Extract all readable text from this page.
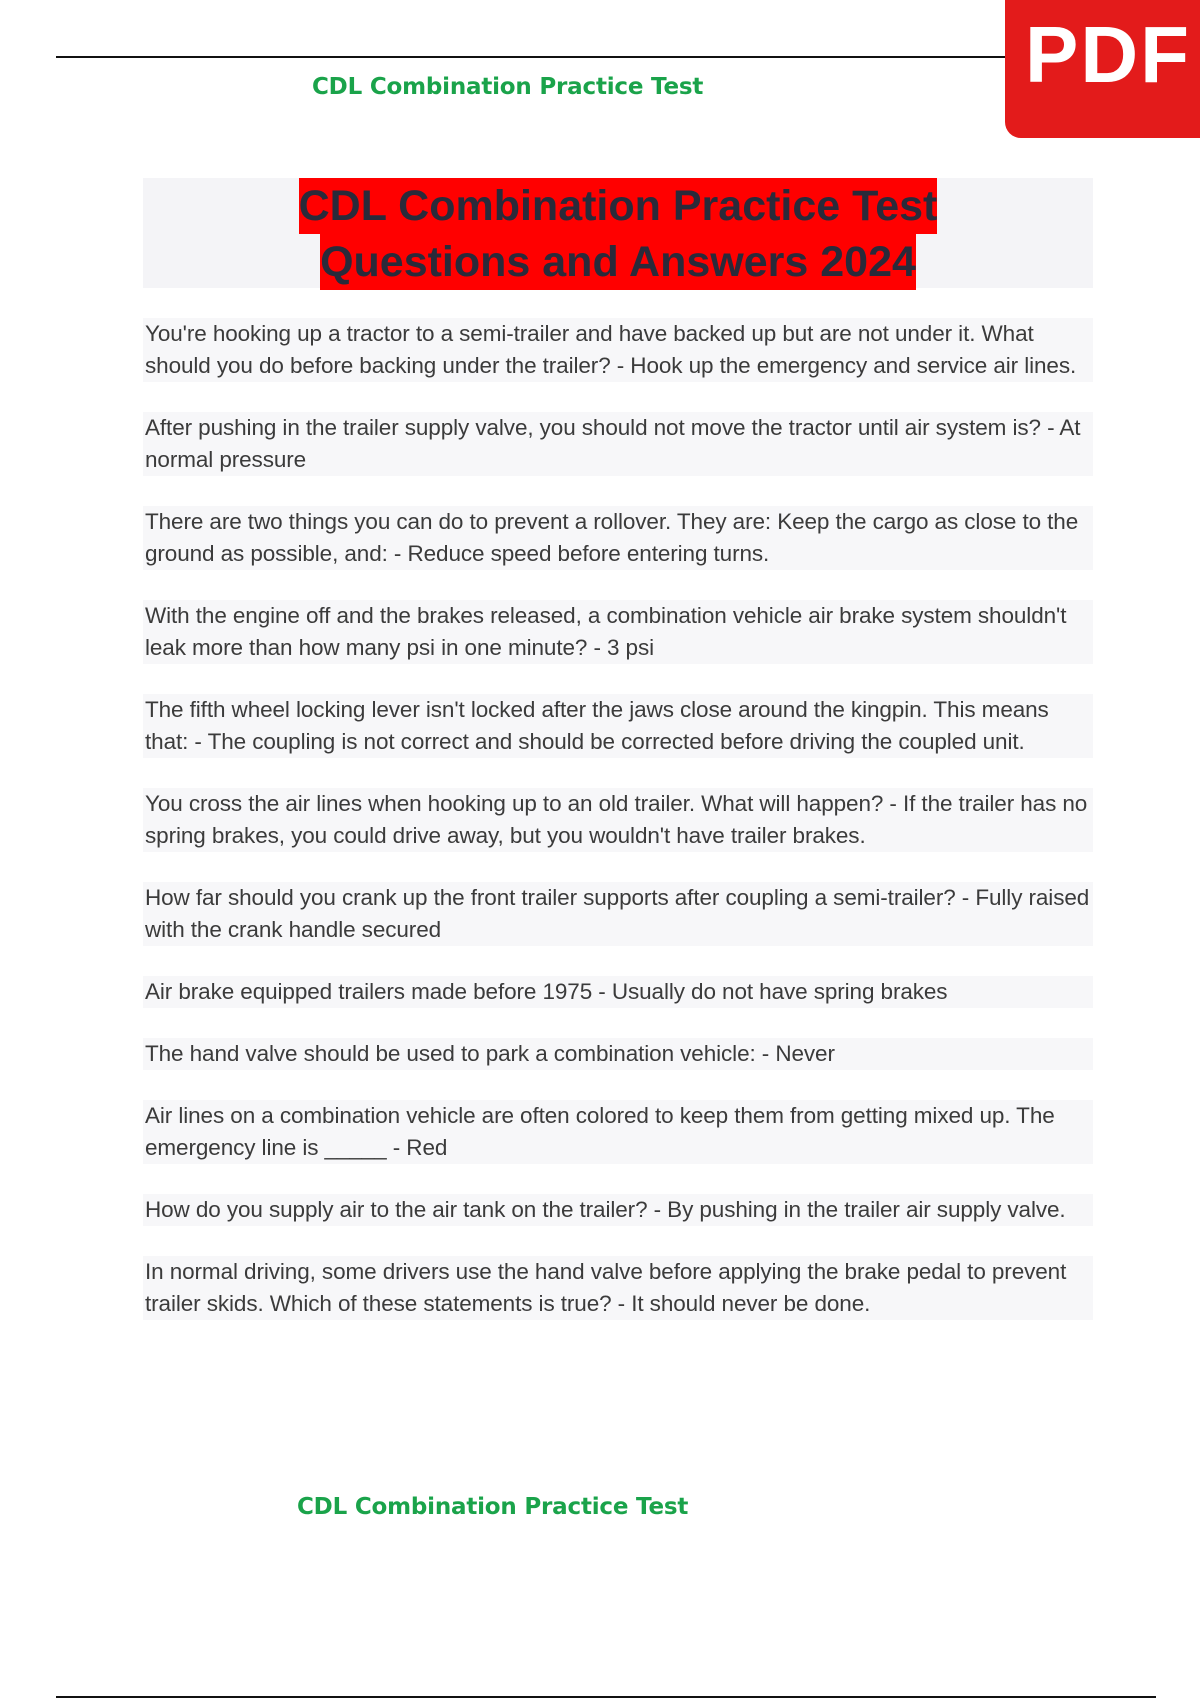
CDL Combination Practice Test	PDF
CDL Combination Practice Test
Questions and Answers 2024
You're hooking up a tractor to a semi-trailer and have backed up but are not under it. What should you do before backing under the trailer? - Hook up the emergency and service air lines.
After pushing in the trailer supply valve, you should not move the tractor until air system is? - At normal pressure
There are two things you can do to prevent a rollover. They are: Keep the cargo as close to the ground as possible, and: - Reduce speed before entering turns.
With the engine off and the brakes released, a combination vehicle air brake system shouldn't leak more than how many psi in one minute? - 3 psi
The fifth wheel locking lever isn't locked after the jaws close around the kingpin. This means that: - The coupling is not correct and should be corrected before driving the coupled unit.
You cross the air lines when hooking up to an old trailer. What will happen? - If the trailer has no spring brakes, you could drive away, but you wouldn't have trailer brakes.
How far should you crank up the front trailer supports after coupling a semi-trailer? - Fully raised with the crank handle secured
Air brake equipped trailers made before 1975 - Usually do not have spring brakes
The hand valve should be used to park a combination vehicle: - Never
Air lines on a combination vehicle are often colored to keep them from getting mixed up. The emergency line is _____ - Red
How do you supply air to the air tank on the trailer? - By pushing in the trailer air supply valve.
In normal driving, some drivers use the hand valve before applying the brake pedal to prevent trailer skids. Which of these statements is true? - It should never be done.
CDL Combination Practice Test
